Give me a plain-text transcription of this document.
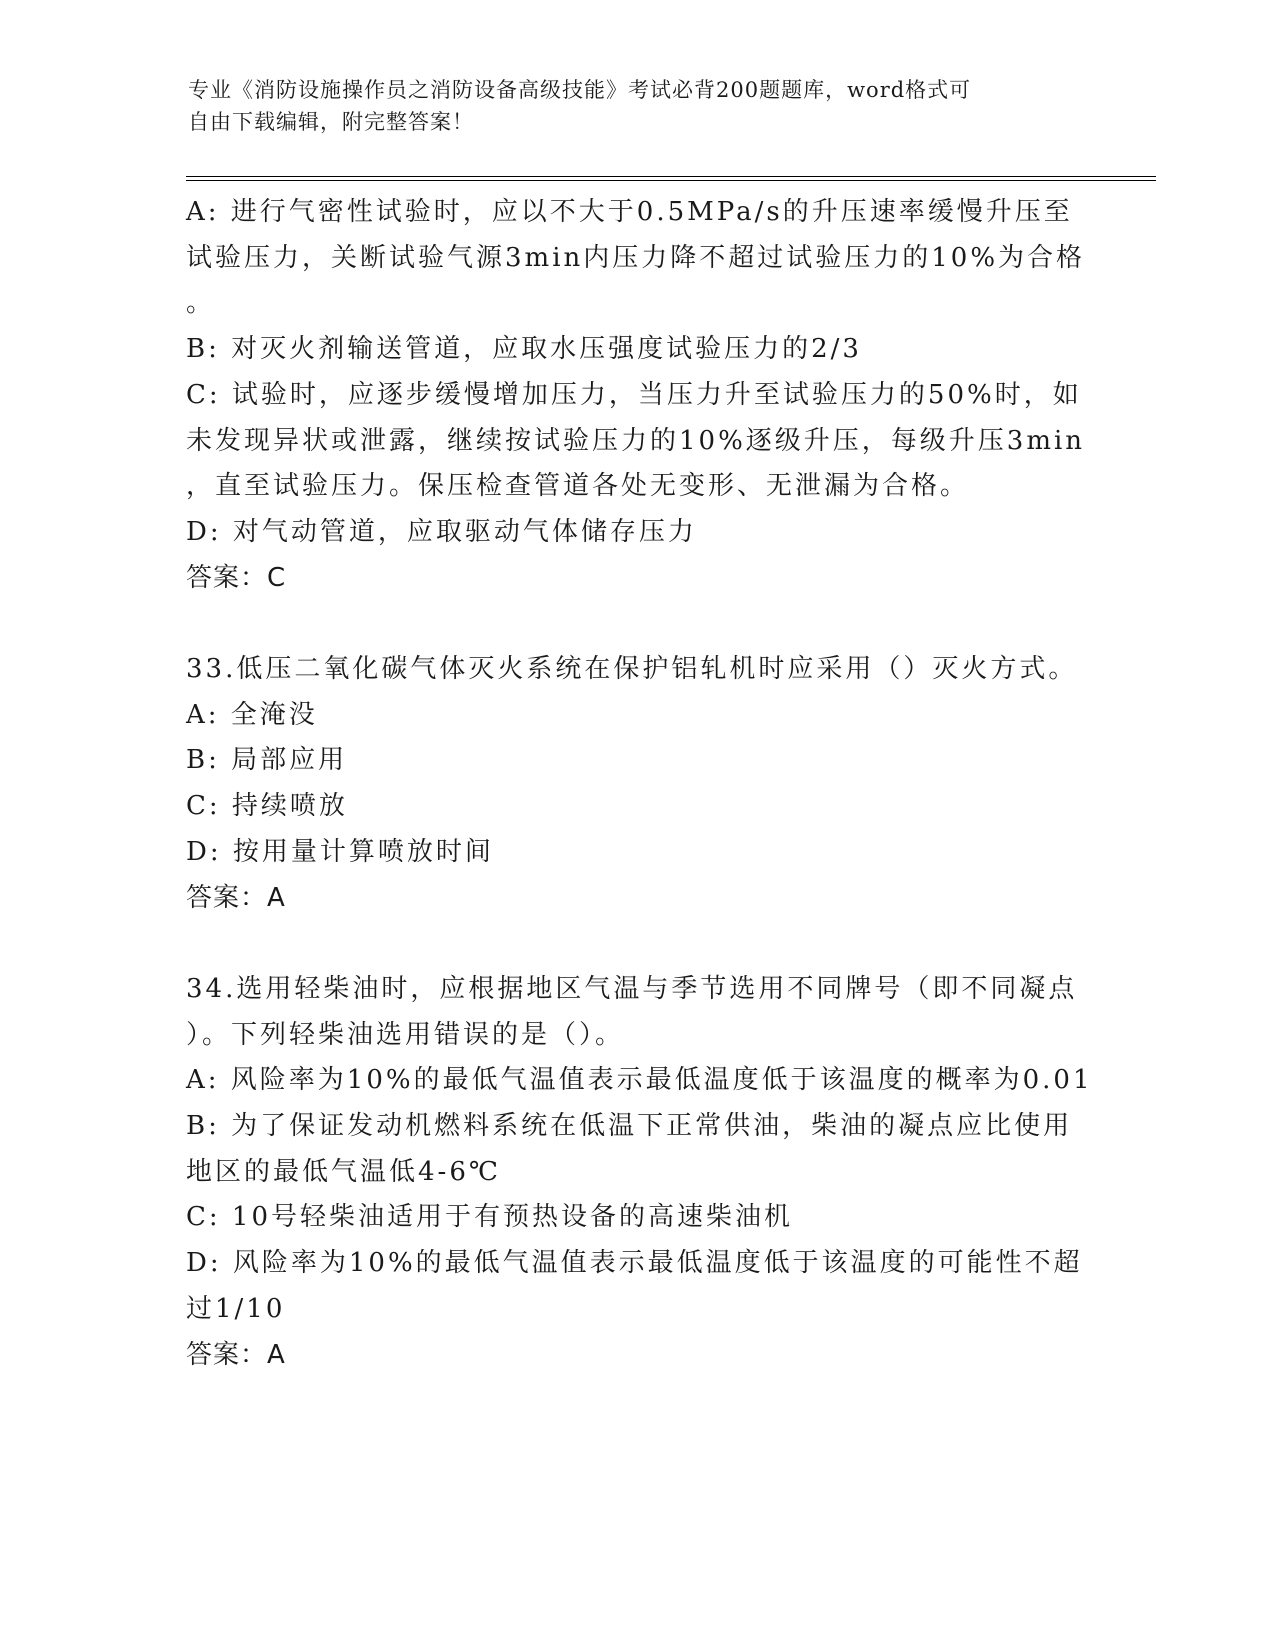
专业《消防设施操作员之消防设备高级技能》考试必背200题题库，word格式可
自由下载编辑，附完整答案！
A: 进行气密性试验时，应以不大于0.5MPa/s的升压速率缓慢升压至
试验压力，关断试验气源3min内压力降不超过试验压力的10%为合格
。
B: 对灭火剂输送管道，应取水压强度试验压力的2/3
C: 试验时，应逐步缓慢增加压力，当压力升至试验压力的50%时，如
未发现异状或泄露，继续按试验压力的10%逐级升压，每级升压3min
，直至试验压力。保压检查管道各处无变形、无泄漏为合格。
D: 对气动管道，应取驱动气体储存压力
答案：C
33.低压二氧化碳气体灭火系统在保护铝轧机时应采用（）灭火方式。
A: 全淹没
B: 局部应用
C: 持续喷放
D: 按用量计算喷放时间
答案：A
34.选用轻柴油时，应根据地区气温与季节选用不同牌号（即不同凝点
）。下列轻柴油选用错误的是（）。
A: 风险率为10%的最低气温值表示最低温度低于该温度的概率为0.01
B: 为了保证发动机燃料系统在低温下正常供油，柴油的凝点应比使用
地区的最低气温低4-6℃
C: 10号轻柴油适用于有预热设备的高速柴油机
D: 风险率为10%的最低气温值表示最低温度低于该温度的可能性不超
过1/10
答案：A
